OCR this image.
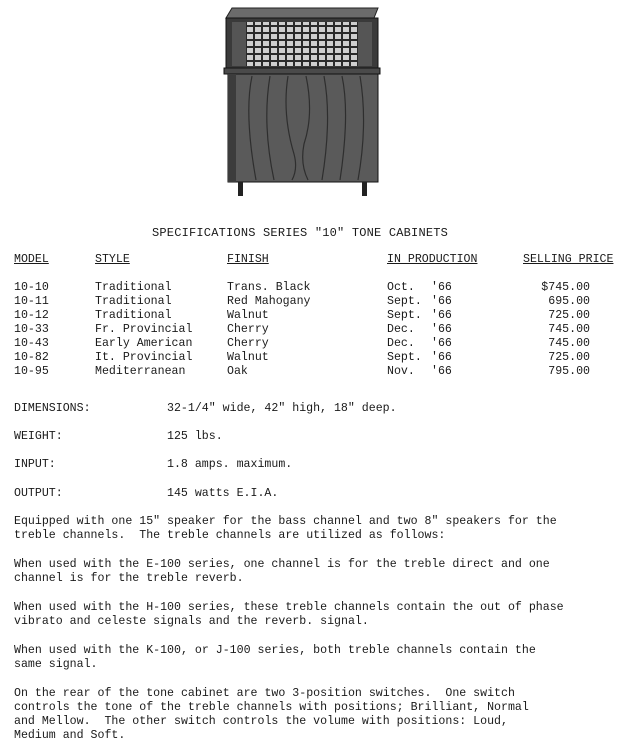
SPECIFICATIONS SERIES "10" TONE CABINETS
MODEL	STYLE	FINISH	IN PRODUCTION	SELLING PRICE
10-10	Traditional	Trans. Black	Oct. '66	$745.00
10-11	Traditional	Red Mahogany	Sept. '66	695.00
10-12	Traditional	Walnut	Sept. '66	725.00
10-33	Fr. Provincial	Cherry	Dec. '66	745.00
10-43	Early American	Cherry	Dec. '66	745.00
10-82	It. Provincial	Walnut	Sept. '66	725.00
10-95	Mediterranean	Oak	Nov. '66	795.00
DIMENSIONS:	32-1/4" wide, 42" high, 18" deep.
WEIGHT:	125 lbs.
INPUT:	1.8 amps. maximum.
OUTPUT:	145 watts E.I.A.
Equipped with one 15" speaker for the bass channel and two 8" speakers for the
treble channels.  The treble channels are utilized as follows:
When used with the E-100 series, one channel is for the treble direct and one
channel is for the treble reverb.
When used with the H-100 series, these treble channels contain the out of phase
vibrato and celeste signals and the reverb. signal.
When used with the K-100, or J-100 series, both treble channels contain the
same signal.
On the rear of the tone cabinet are two 3-position switches.  One switch
controls the tone of the treble channels with positions; Brilliant, Normal
and Mellow.  The other switch controls the volume with positions: Loud,
Medium and Soft.
